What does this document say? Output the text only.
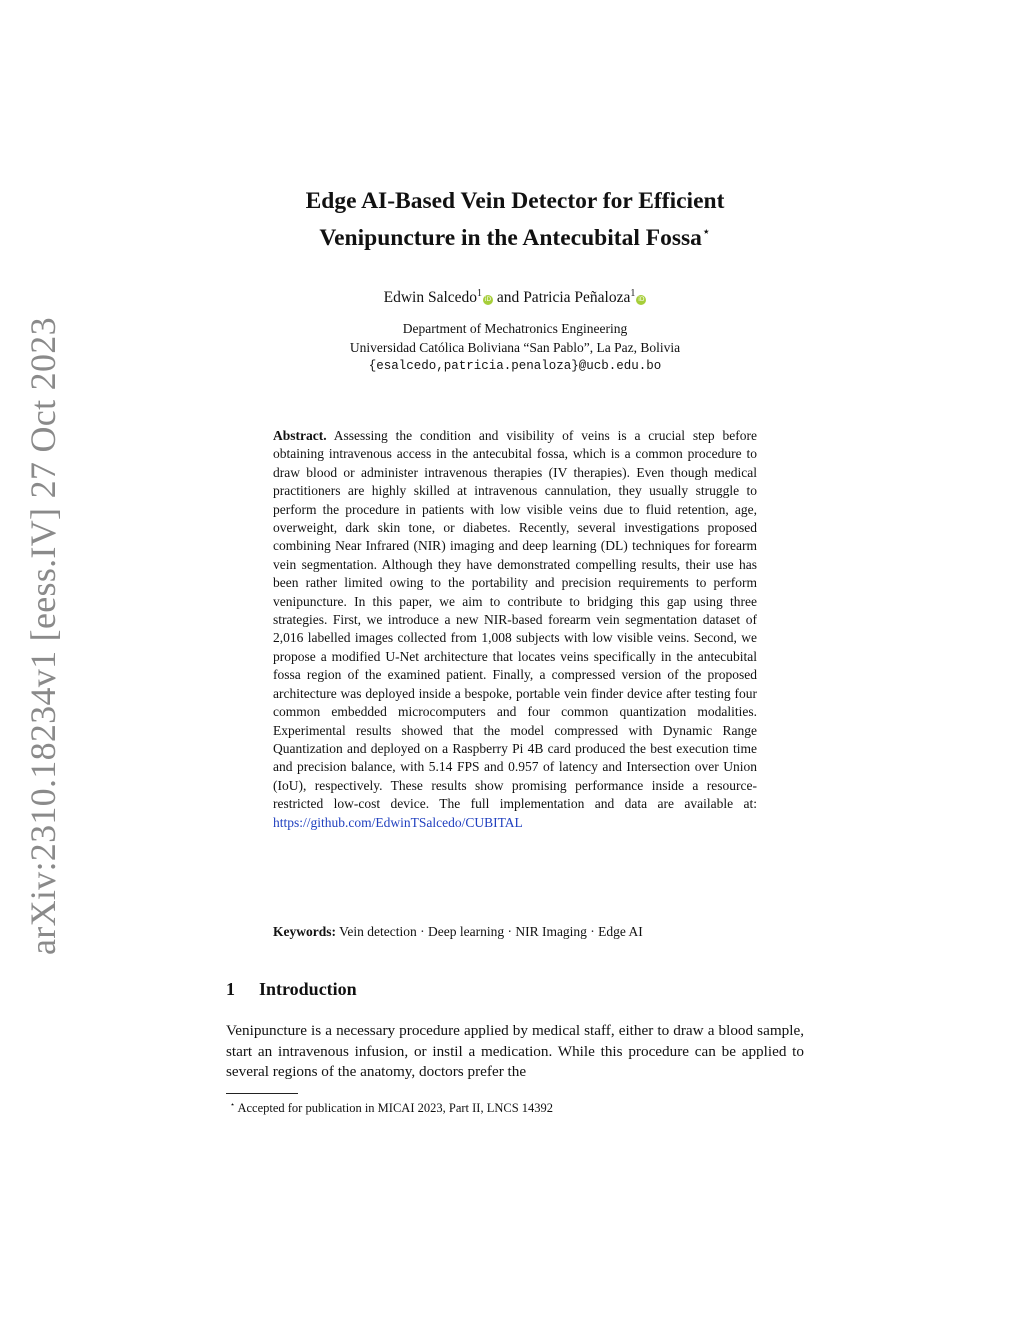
arXiv:2310.18234v1 [eess.IV] 27 Oct 2023
Edge AI-Based Vein Detector for Efficient
Venipuncture in the Antecubital Fossa⋆
Edwin Salcedo$^1$iD and Patricia Peñaloza$^1$iD
Department of Mechatronics Engineering
Universidad Católica Boliviana “San Pablo”, La Paz, Bolivia
{esalcedo,patricia.penaloza}@ucb.edu.bo
Abstract. Assessing the condition and visibility of veins is a crucial step before obtaining intravenous access in the antecubital fossa, which is a common procedure to draw blood or administer intravenous therapies (IV therapies). Even though medical practitioners are highly skilled at intravenous cannulation, they usually struggle to perform the procedure in patients with low visible veins due to fluid retention, age, overweight, dark skin tone, or diabetes. Recently, several investigations proposed combining Near Infrared (NIR) imaging and deep learning (DL) techniques for forearm vein segmentation. Although they have demonstrated compelling results, their use has been rather limited owing to the portability and precision requirements to perform venipuncture. In this paper, we aim to contribute to bridging this gap using three strategies. First, we introduce a new NIR-based forearm vein segmentation dataset of 2,016 labelled images collected from 1,008 subjects with low visible veins. Second, we propose a modified U-Net architecture that locates veins specifically in the antecubital fossa region of the examined patient. Finally, a compressed version of the proposed architecture was deployed inside a bespoke, portable vein finder device after testing four common embedded microcomputers and four common quantization modalities. Experimental results showed that the model compressed with Dynamic Range Quantization and deployed on a Raspberry Pi 4B card produced the best execution time and precision balance, with 5.14 FPS and 0.957 of latency and Intersection over Union (IoU), respectively. These results show promising performance inside a resource-restricted low-cost device. The full implementation and data are available at: https://github.com/EdwinTSalcedo/CUBITAL
Keywords: Vein detection · Deep learning · NIR Imaging · Edge AI
1 Introduction
Venipuncture is a necessary procedure applied by medical staff, either to draw a blood sample, start an intravenous infusion, or instil a medication. While this procedure can be applied to several regions of the anatomy, doctors prefer the
⋆ Accepted for publication in MICAI 2023, Part II, LNCS 14392
